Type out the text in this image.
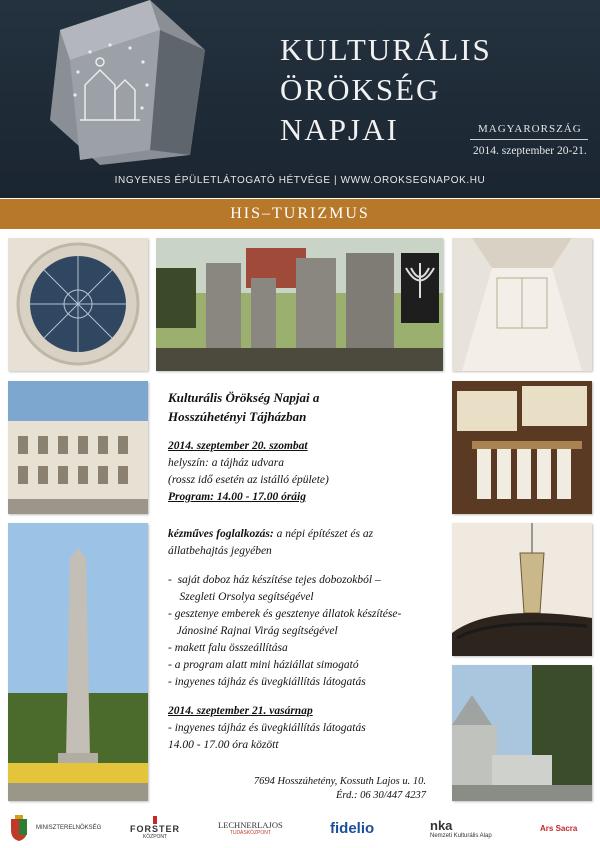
KULTURÁLIS
ÖRÖKSÉG
NAPJAI	MAGYARORSZÁG
2014. szeptember 20-21.
INGYENES ÉPÜLETLÁTOGATÓ HÉTVÉGE | WWW.OROKSEGNAPOK.HU
HIS–TURIZMUS
Kulturális Örökség Napjai a
Hosszúhetényi Tájházban
2014. szeptember 20. szombat
helyszín: a tájház udvara
(rossz idő esetén az istálló épülete)
Program: 14.00 - 17.00 óráig
kézműves foglalkozás: a népi építészet és az
állatbehajtás jegyében
-  saját doboz ház készítése tejes dobozokból –
Szegleti Orsolya segítségével
- gesztenye emberek és gesztenye állatok készítése-
Jánosiné Rajnai Virág segítségével
- makett falu összeállítása
- a program alatt mini háziállat simogató
- ingyenes tájház és üvegkiállítás látogatás
2014. szeptember 21. vasárnap
- ingyenes tájház és üvegkiállítás látogatás
14.00 - 17.00 óra között
7694 Hosszúhetény, Kossuth Lajos u. 10.
Érd.: 06 30/447 4237
MINISZTERELNÖKSÉG	FORSTER
KÖZPONT
LECHNERLAJOS
TUDÁSKÖZPONT	fidelio	nka
Nemzeti Kulturális Alap
Ars Sacra
